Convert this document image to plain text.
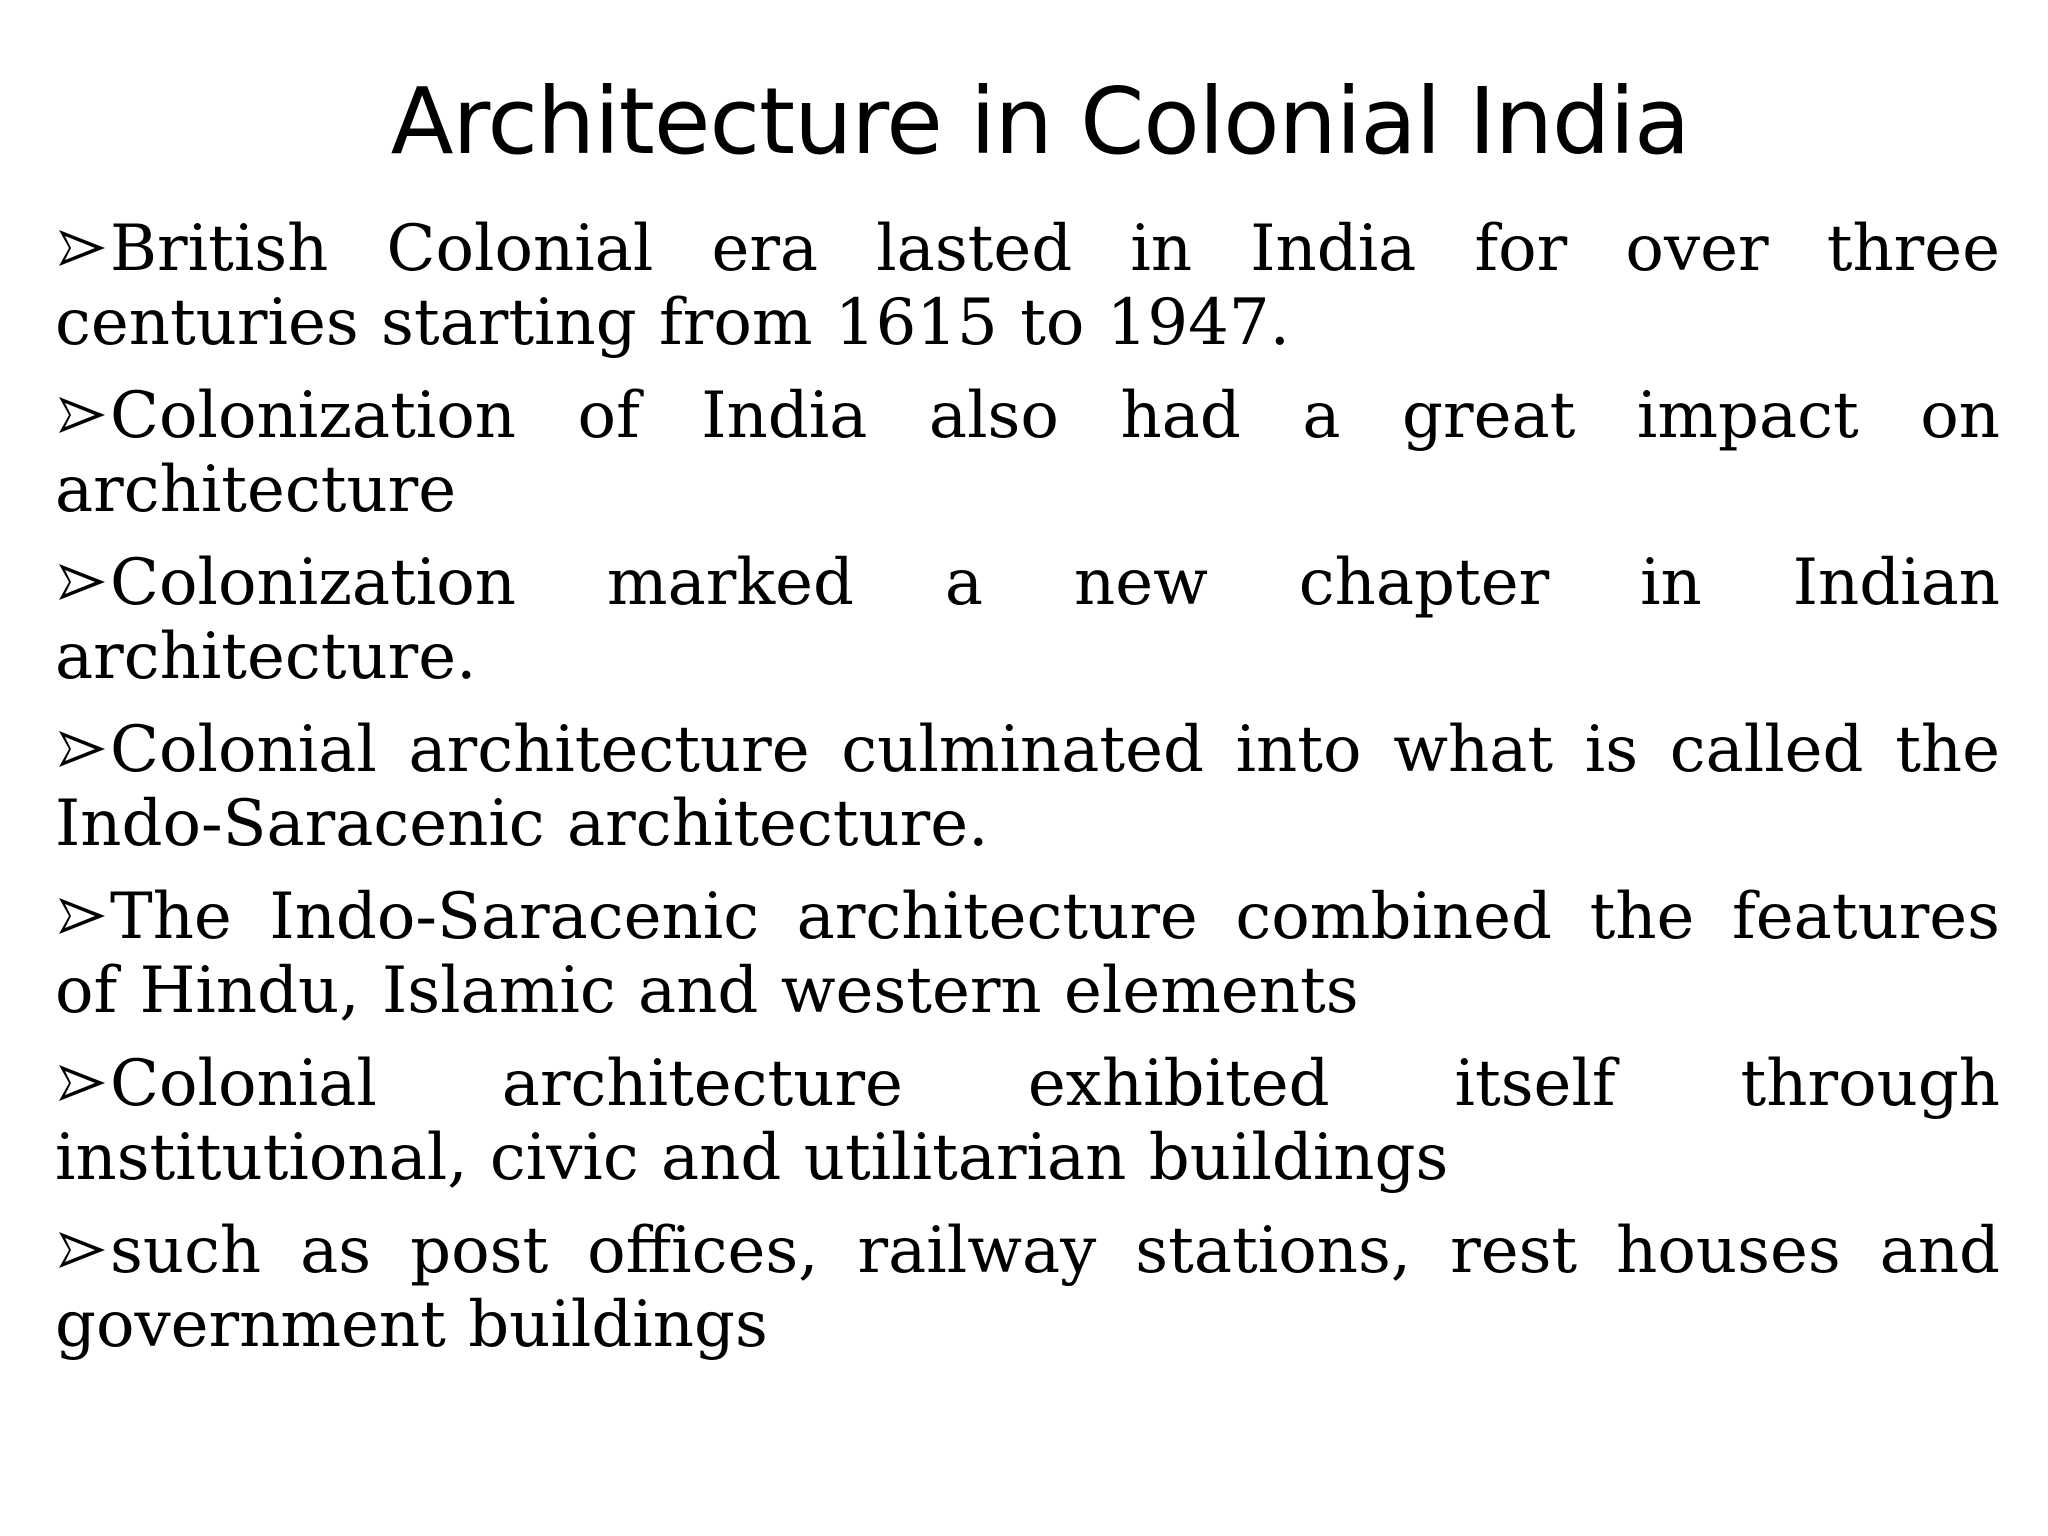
Architecture in Colonial India
British Colonial era lasted in India for over three centuries starting from 1615 to 1947.
Colonization of India also had a great impact on architecture
Colonization marked a new chapter in Indian architecture.
Colonial architecture culminated into what is called the Indo-Saracenic architecture.
The Indo-Saracenic architecture combined the features of Hindu, Islamic and western elements
Colonial architecture exhibited itself through institutional, civic and utilitarian buildings
such as post offices, railway stations, rest houses and government buildings
